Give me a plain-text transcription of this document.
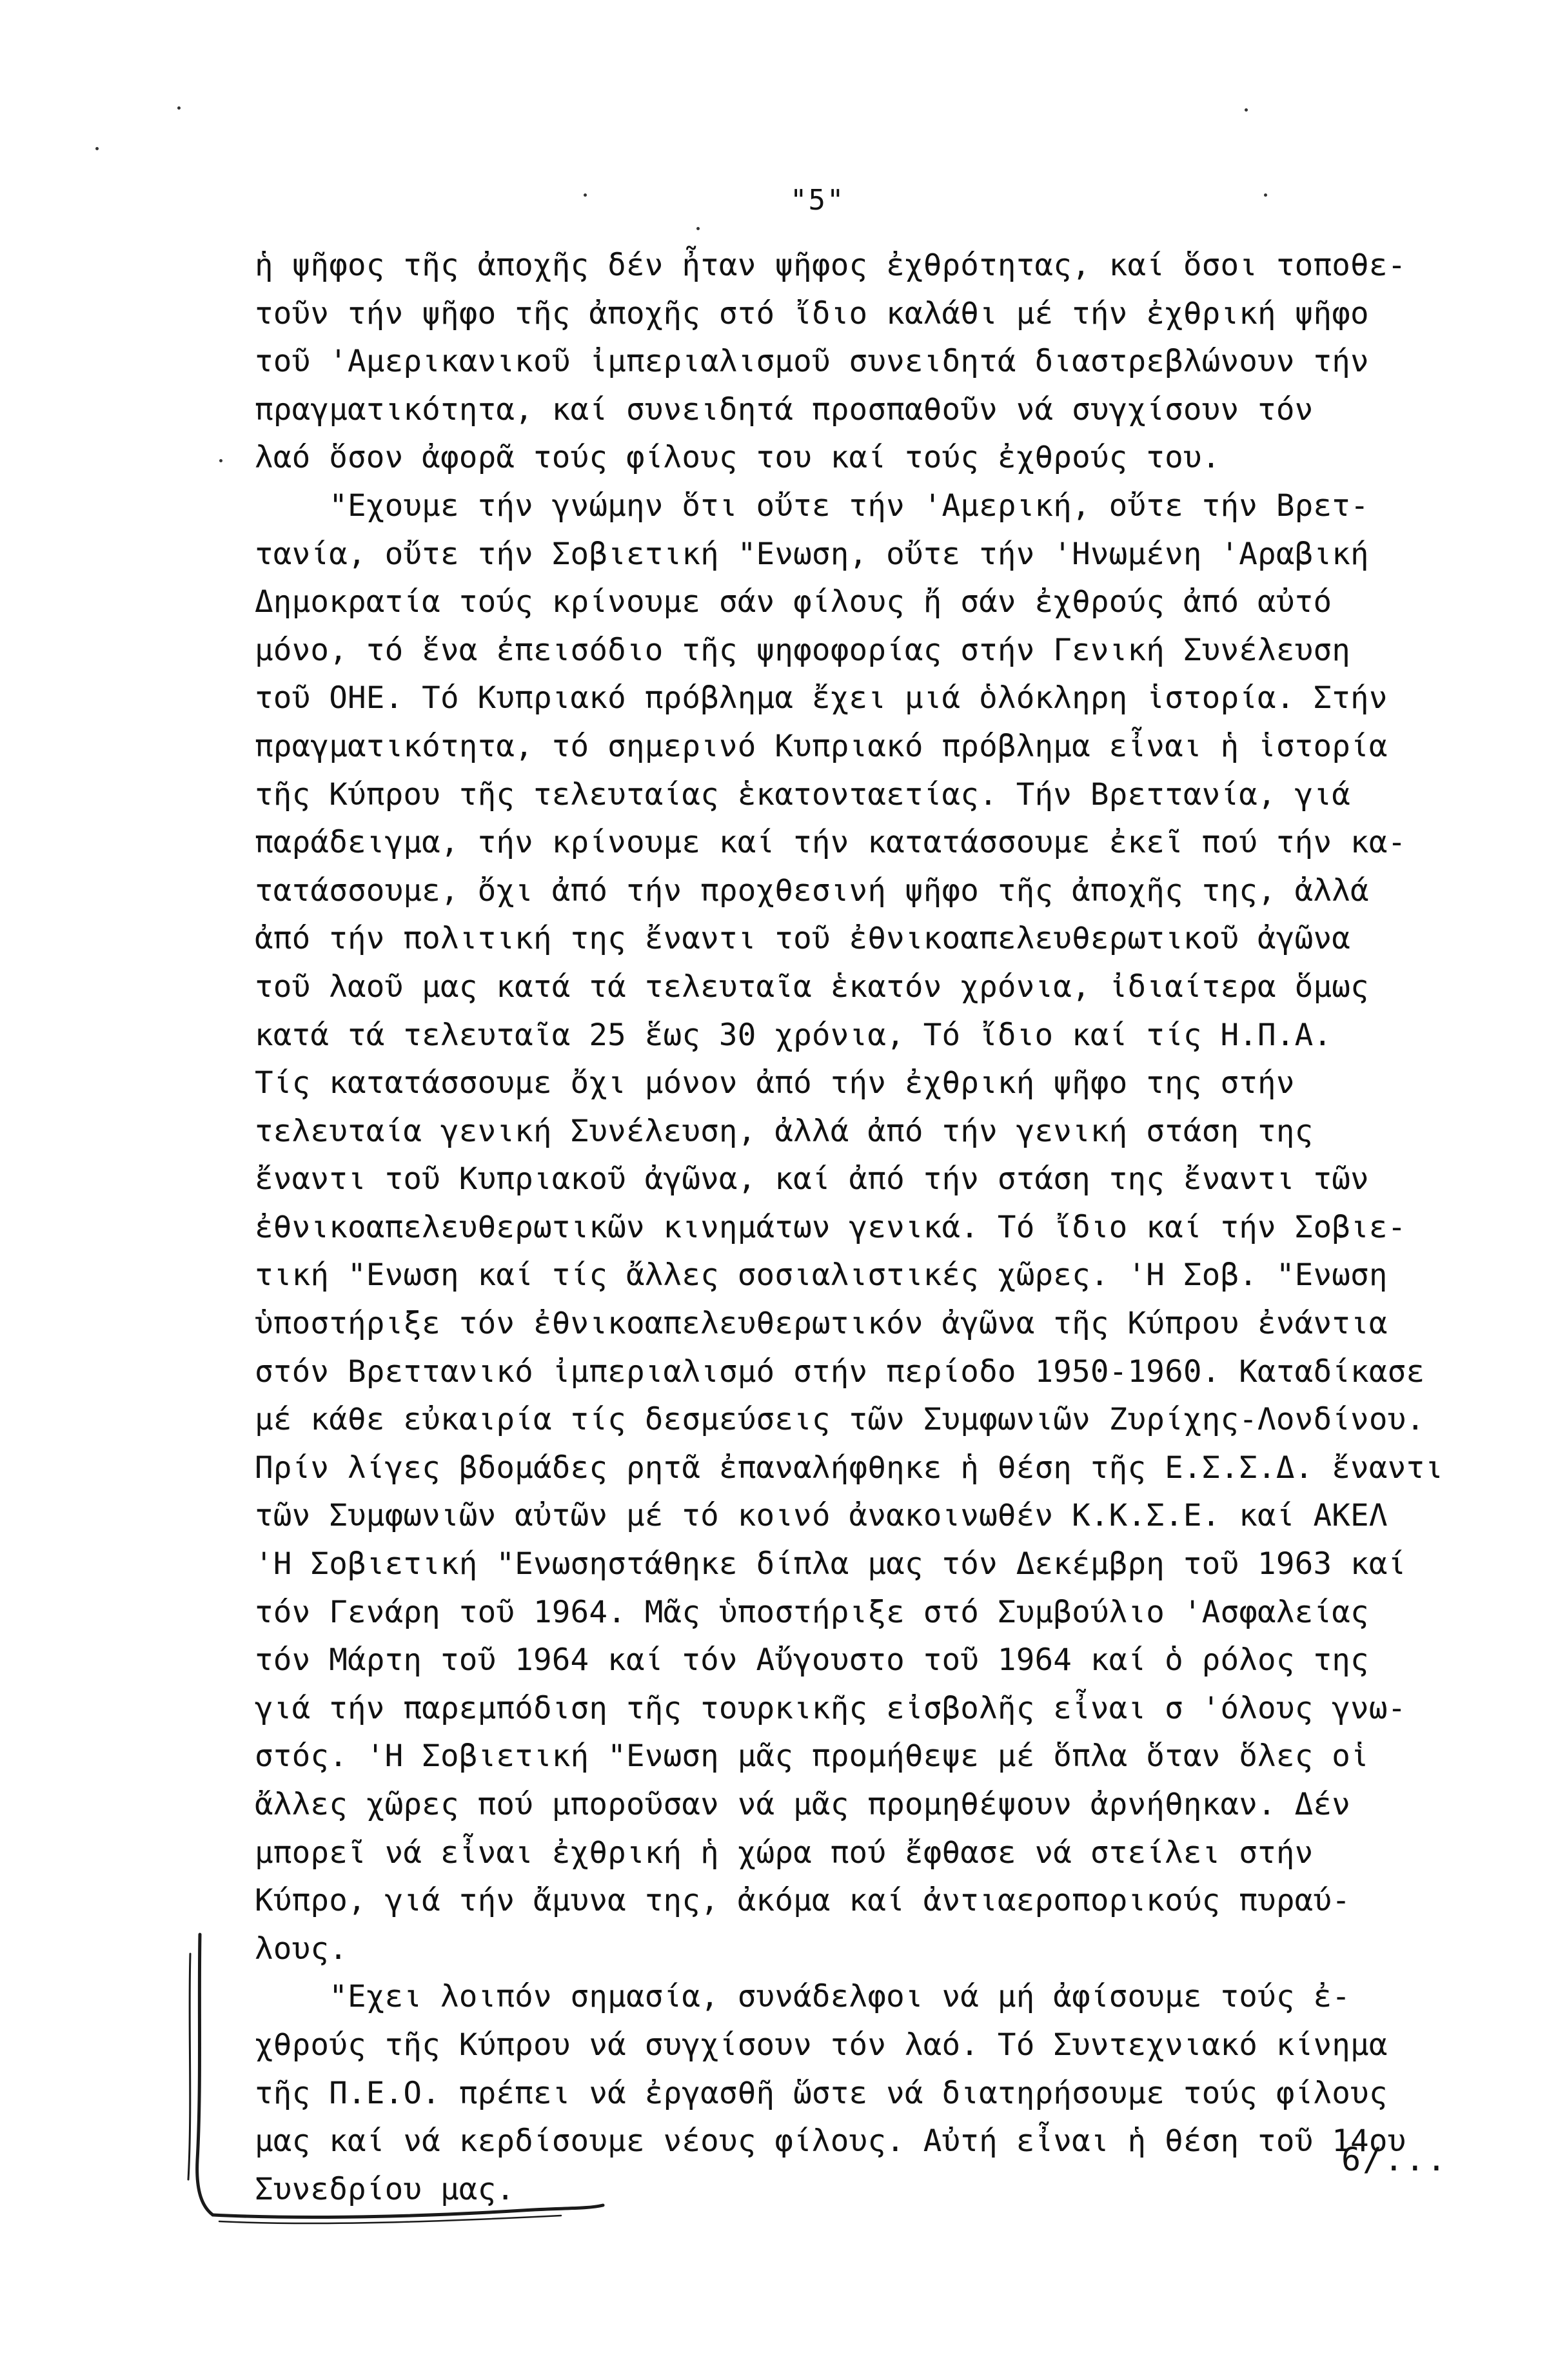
"5"
ἡ ψῆφος τῆς ἀποχῆς δέν ἦταν ψῆφος ἐχθρότητας, καί ὅσοι τοποθε-
τοῦν τήν ψῆφο τῆς ἀποχῆς στό ἴδιο καλάθι μέ τήν ἐχθρική ψῆφο
τοῦ 'Αμερικανικοῦ ἰμπεριαλισμοῦ συνειδητά διαστρεβλώνουν τήν
πραγματικότητα, καί συνειδητά προσπαθοῦν νά συγχίσουν τόν
λαό ὅσον ἀφορᾶ τούς φίλους του καί τούς ἐχθρούς του.
"Εχουμε τήν γνώμην ὅτι οὔτε τήν 'Αμερική, οὔτε τήν Βρετ-
τανία, οὔτε τήν Σοβιετική "Ενωση, οὔτε τήν 'Ηνωμένη 'Αραβική
Δημοκρατία τούς κρίνουμε σάν φίλους ἤ σάν ἐχθρούς ἀπό αὐτό
μόνο, τό ἕνα ἐπεισόδιο τῆς ψηφοφορίας στήν Γενική Συνέλευση
τοῦ ΟΗΕ. Τό Κυπριακό πρόβλημα ἔχει μιά ὁλόκληρη ἱστορία. Στήν
πραγματικότητα, τό σημερινό Κυπριακό πρόβλημα εἶναι ἡ ἱστορία
τῆς Κύπρου τῆς τελευταίας ἑκατονταετίας. Τήν Βρεττανία, γιά
παράδειγμα, τήν κρίνουμε καί τήν κατατάσσουμε ἐκεῖ πού τήν κα-
τατάσσουμε, ὄχι ἀπό τήν προχθεσινή ψῆφο τῆς ἀποχῆς της, ἀλλά
ἀπό τήν πολιτική της ἔναντι τοῦ ἐθνικοαπελευθερωτικοῦ ἀγῶνα
τοῦ λαοῦ μας κατά τά τελευταῖα ἑκατόν χρόνια, ἰδιαίτερα ὅμως
κατά τά τελευταῖα 25 ἕως 30 χρόνια, Τό ἴδιο καί τίς Η.Π.Α.
Τίς κατατάσσουμε ὄχι μόνον ἀπό τήν ἐχθρική ψῆφο της στήν
τελευταία γενική Συνέλευση, ἀλλά ἀπό τήν γενική στάση της
ἔναντι τοῦ Κυπριακοῦ ἀγῶνα, καί ἀπό τήν στάση της ἔναντι τῶν
ἐθνικοαπελευθερωτικῶν κινημάτων γενικά. Τό ἴδιο καί τήν Σοβιε-
τική "Ενωση καί τίς ἄλλες σοσιαλιστικές χῶρες. 'Η Σοβ. "Ενωση
ὑποστήριξε τόν ἐθνικοαπελευθερωτικόν ἀγῶνα τῆς Κύπρου ἐνάντια
στόν Βρεττανικό ἰμπεριαλισμό στήν περίοδο 1950-1960. Καταδίκασε
μέ κάθε εὐκαιρία τίς δεσμεύσεις τῶν Συμφωνιῶν Ζυρίχης-Λονδίνου.
Πρίν λίγες βδομάδες ρητᾶ ἐπαναλήφθηκε ἡ θέση τῆς Ε.Σ.Σ.Δ. ἔναντι
τῶν Συμφωνιῶν αὐτῶν μέ τό κοινό ἀνακοινωθέν Κ.Κ.Σ.Ε. καί ΑΚΕΛ
'Η Σοβιετική "Ενωσηστάθηκε δίπλα μας τόν Δεκέμβρη τοῦ 1963 καί
τόν Γενάρη τοῦ 1964. Μᾶς ὑποστήριξε στό Συμβούλιο 'Ασφαλείας
τόν Μάρτη τοῦ 1964 καί τόν Αὔγουστο τοῦ 1964 καί ὁ ρόλος της
γιά τήν παρεμπόδιση τῆς τουρκικῆς εἰσβολῆς εἶναι σ 'όλους γνω-
στός. 'Η Σοβιετική "Ενωση μᾶς προμήθεψε μέ ὅπλα ὅταν ὅλες οἱ
ἄλλες χῶρες πού μποροῦσαν νά μᾶς προμηθέψουν ἀρνήθηκαν. Δέν
μπορεῖ νά εἶναι ἐχθρική ἡ χώρα πού ἔφθασε νά στείλει στήν
Κύπρο, γιά τήν ἄμυνα της, ἀκόμα καί ἀντιαεροπορικούς πυραύ-
λους.
"Εχει λοιπόν σημασία, συνάδελφοι νά μή ἀφίσουμε τούς ἐ-
χθρούς τῆς Κύπρου νά συγχίσουν τόν λαό. Τό Συντεχνιακό κίνημα
τῆς Π.Ε.Ο. πρέπει νά ἐργασθῆ ὥστε νά διατηρήσουμε τούς φίλους
μας καί νά κερδίσουμε νέους φίλους. Αὐτή εἶναι ἡ θέση τοῦ 14ου
Συνεδρίου μας.
6/...
